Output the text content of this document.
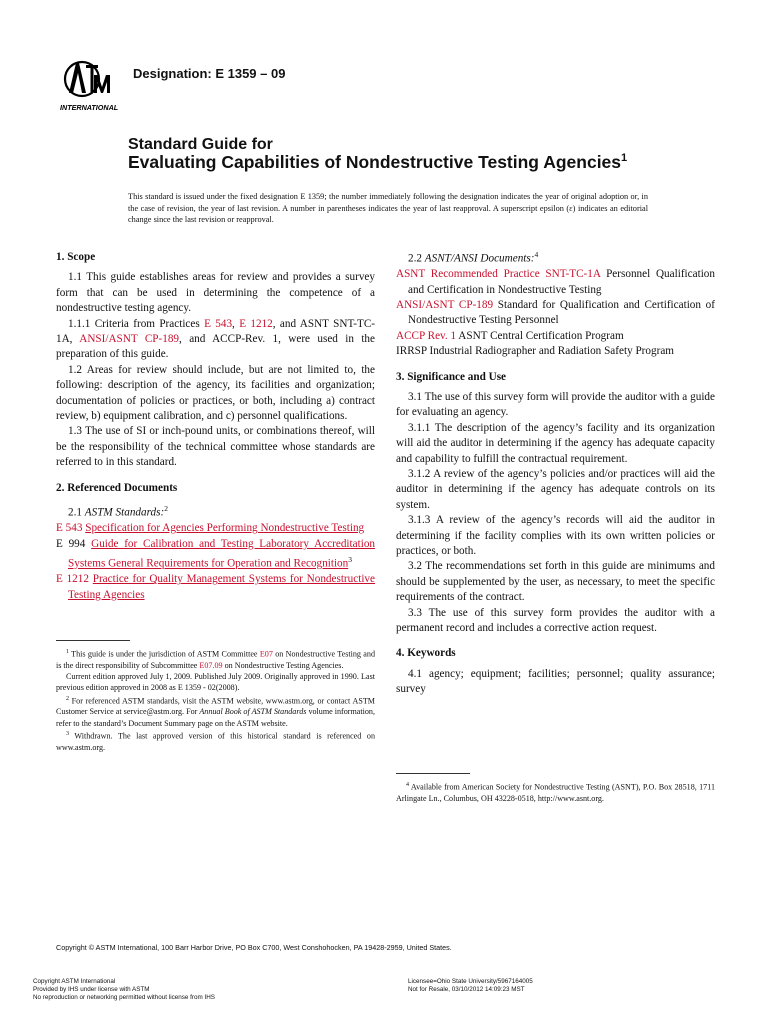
INTERNATIONAL
Designation: E 1359 – 09
Standard Guide for
Evaluating Capabilities of Nondestructive Testing Agencies$^1$
This standard is issued under the fixed designation E 1359; the number immediately following the designation indicates the year of original adoption or, in the case of revision, the year of last revision. A number in parentheses indicates the year of last reapproval. A superscript epsilon (ε) indicates an editorial change since the last revision or reapproval.

1. Scope

1.1 This guide establishes areas for review and provides a survey form that can be used in determining the competence of a nondestructive testing agency.

1.1.1 Criteria from Practices E 543, E 1212, and ASNT SNT-TC-1A, ANSI/ASNT CP-189, and ACCP-Rev. 1, were used in the preparation of this guide.

1.2 Areas for review should include, but are not limited to, the following: description of the agency, its facilities and organization; documentation of policies or practices, or both, including a) contract review, b) equipment calibration, and c) personnel qualifications.

1.3 The use of SI or inch-pound units, or combinations thereof, will be the responsibility of the technical committee whose standards are referred to in this standard.

2. Referenced Documents

2.1 ASTM Standards:$^2$

E 543 Specification for Agencies Performing Nondestructive Testing

E 994 Guide for Calibration and Testing Laboratory Accreditation Systems General Requirements for Operation and Recognition$^3$

E 1212 Practice for Quality Management Systems for Nondestructive Testing Agencies

$^1$ This guide is under the jurisdiction of ASTM Committee E07 on Nondestructive Testing and is the direct responsibility of Subcommittee E07.09 on Nondestructive Testing Agencies.

Current edition approved July 1, 2009. Published July 2009. Originally approved in 1990. Last previous edition approved in 2008 as E 1359 - 02(2008).

$^2$ For referenced ASTM standards, visit the ASTM website, www.astm.org, or contact ASTM Customer Service at service@astm.org. For Annual Book of ASTM Standards volume information, refer to the standard’s Document Summary page on the ASTM website.

$^3$ Withdrawn. The last approved version of this historical standard is referenced on www.astm.org.

2.2 ASNT/ANSI Documents:$^4$

ASNT Recommended Practice SNT-TC-1A Personnel Qualification and Certification in Nondestructive Testing

ANSI/ASNT CP-189 Standard for Qualification and Certification of Nondestructive Testing Personnel

ACCP Rev. 1 ASNT Central Certification Program

IRRSP Industrial Radiographer and Radiation Safety Program

3. Significance and Use

3.1 The use of this survey form will provide the auditor with a guide for evaluating an agency.

3.1.1 The description of the agency’s facility and its organization will aid the auditor in determining if the agency has adequate capacity and capability to fulfill the contractual requirement.

3.1.2 A review of the agency’s policies and/or practices will aid the auditor in determining if the agency has adequate controls on its system.

3.1.3 A review of the agency’s records will aid the auditor in determining if the facility complies with its own written policies or practices, or both.

3.2 The recommendations set forth in this guide are minimums and should be supplemented by the user, as necessary, to meet the specific requirements of the contract.

3.3 The use of this survey form provides the auditor with a permanent record and includes a corrective action request.

4. Keywords

4.1 agency; equipment; facilities; personnel; quality assurance; survey

$^4$ Available from American Society for Nondestructive Testing (ASNT), P.O. Box 28518, 1711 Arlingate Ln., Columbus, OH 43228-0518, http://www.asnt.org.

Copyright © ASTM International, 100 Barr Harbor Drive, PO Box C700, West Conshohocken, PA 19428-2959, United States.
Copyright ASTM International
Provided by IHS under license with ASTM
No reproduction or networking permitted without license from IHS
Licensee=Ohio State University/5967164005
Not for Resale, 03/10/2012 14:09:23 MST
